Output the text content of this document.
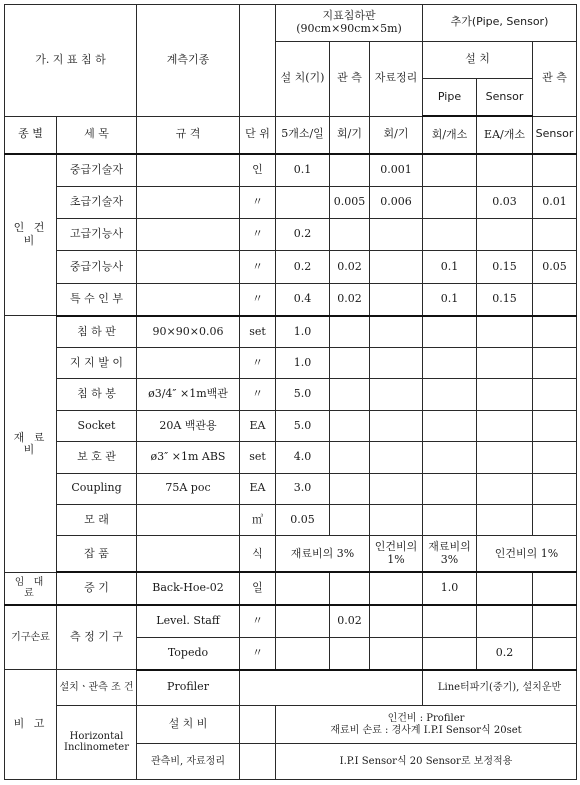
가. 지 표 침 하		계측기종		지표침하판
(90cm×90cm×5m)			추가(Pipe, Sensor)		
				설 치(기)	관 측	자료정리	설 치		관 측
							Pipe	Sensor	
종 별	세 목	규 격	단 위	5개소/일	회/기	회/기	회/개소	EA/개소	Sensor
인 건 비	중급기술자		인	0.1		0.001			
	초급기술자		〃		0.005	0.006		0.03	0.01
	고급기능사		〃	0.2					
	중급기능사		〃	0.2	0.02		0.1	0.15	0.05
	특 수 인 부		〃	0.4	0.02		0.1	0.15	
재 료 비	침 하 판	90×90×0.06	set	1.0					
	지 지 발 이		〃	1.0					
	침 하 봉	ø3/4″ ×1m백관	〃	5.0					
	Socket	20A 백관용	EA	5.0					
	보 호 관	ø3″ ×1m ABS	set	4.0					
	Coupling	75A poc	EA	3.0					
	모 래		㎥	0.05					
	잡 품		식	재료비의 3%		인건비의 1%	재료비의 3%	인건비의 1%	
임 대 료	증 기	Back-Hoe-02	일				1.0		
기구손료	측 정 기 구	Level. Staff	〃		0.02				
		Topedo	〃					0.2	
비 고	설치ㆍ관측 조 건	Profiler					Line터파기(중기), 설치운반		
	Horizontal Inclinometer	설 치 비		인건비 : Profiler
재료비 손료 : 경사계 I.P.I Sensor식 20set					

		관측비, 자료정리		I.P.I Sensor식 20 Sensor로 보정적용					
